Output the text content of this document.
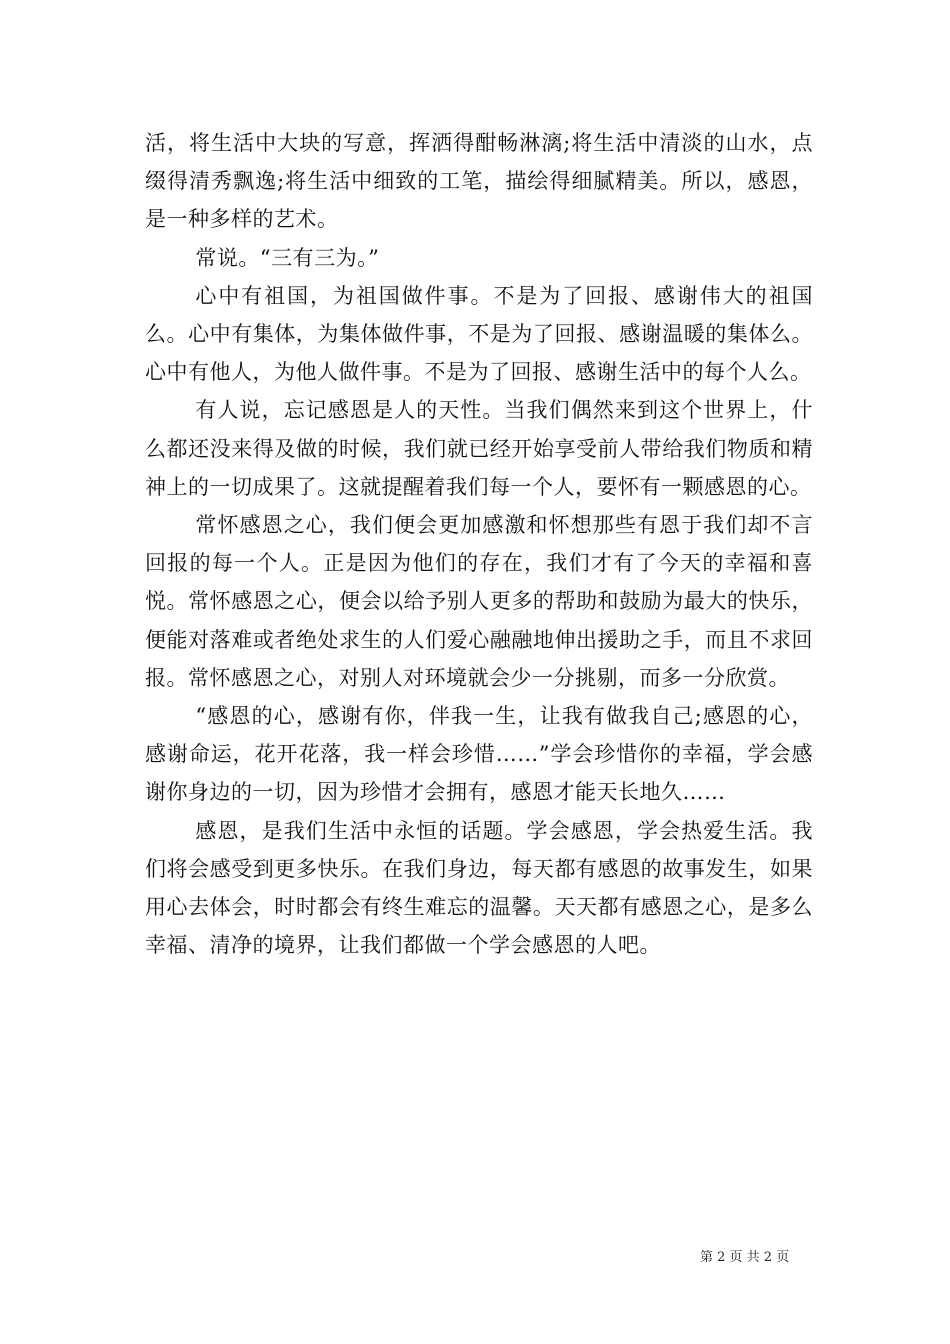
活，将生活中大块的写意，挥洒得酣畅淋漓;将生活中清淡的山水，点缀得清秀飘逸;将生活中细致的工笔，描绘得细腻精美。所以，感恩，是一种多样的艺术。

常说。“三有三为。”

心中有祖国，为祖国做件事。不是为了回报、感谢伟大的祖国么。心中有集体，为集体做件事，不是为了回报、感谢温暖的集体么。心中有他人，为他人做件事。不是为了回报、感谢生活中的每个人么。

有人说，忘记感恩是人的天性。当我们偶然来到这个世界上，什么都还没来得及做的时候，我们就已经开始享受前人带给我们物质和精神上的一切成果了。这就提醒着我们每一个人，要怀有一颗感恩的心。

常怀感恩之心，我们便会更加感激和怀想那些有恩于我们却不言回报的每一个人。正是因为他们的存在，我们才有了今天的幸福和喜悦。常怀感恩之心，便会以给予别人更多的帮助和鼓励为最大的快乐，便能对落难或者绝处求生的人们爱心融融地伸出援助之手，而且不求回报。常怀感恩之心，对别人对环境就会少一分挑剔，而多一分欣赏。

“感恩的心，感谢有你，伴我一生，让我有做我自己;感恩的心，感谢命运，花开花落，我一样会珍惜……”学会珍惜你的幸福，学会感谢你身边的一切，因为珍惜才会拥有，感恩才能天长地久……

感恩，是我们生活中永恒的话题。学会感恩，学会热爱生活。我们将会感受到更多快乐。在我们身边，每天都有感恩的故事发生，如果用心去体会，时时都会有终生难忘的温馨。天天都有感恩之心，是多么幸福、清净的境界，让我们都做一个学会感恩的人吧。

第 2 页 共 2 页
